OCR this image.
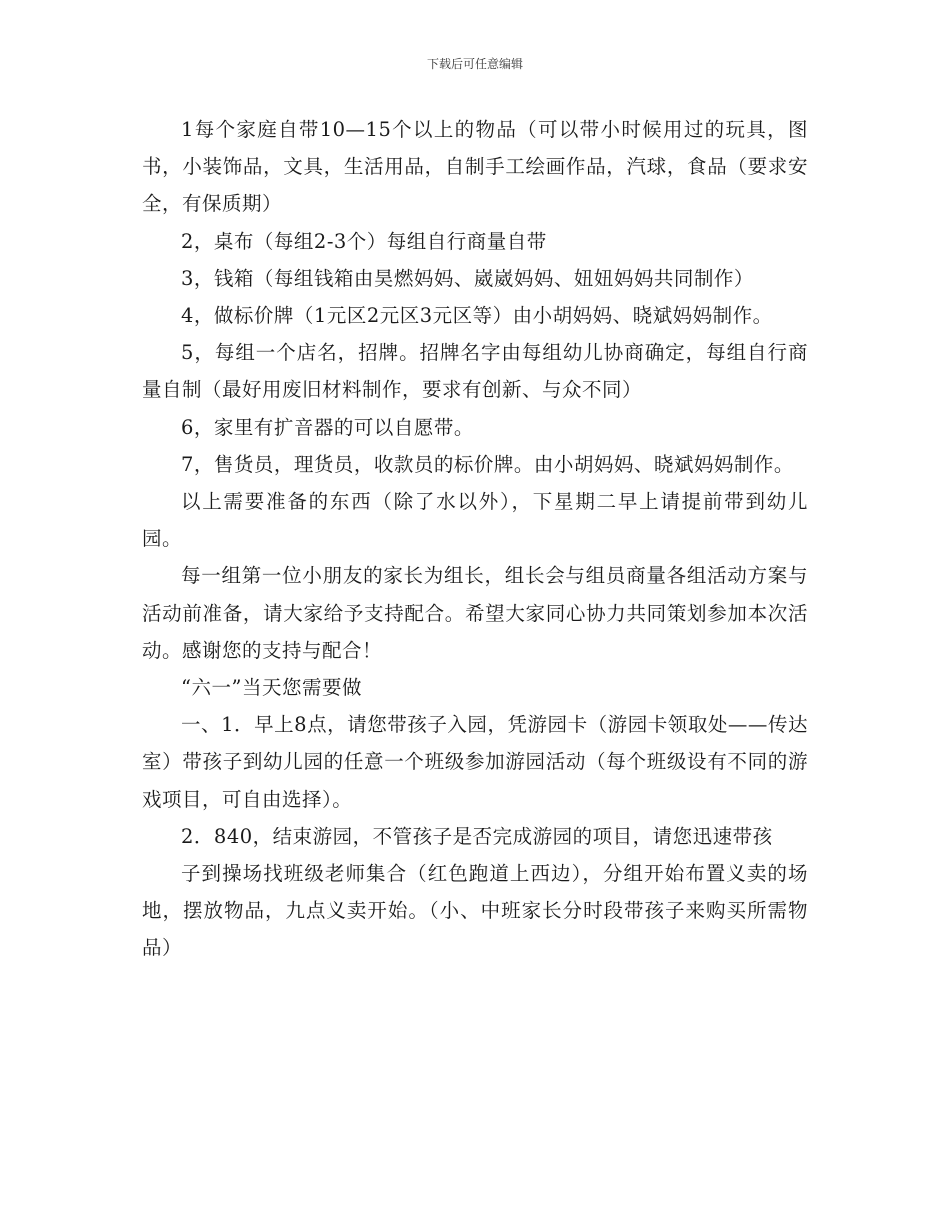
下载后可任意编辑

1每个家庭自带10—15个以上的物品（可以带小时候用过的玩具，图书，小装饰品，文具，生活用品，自制手工绘画作品，汽球，食品（要求安全，有保质期）

2，桌布（每组2-3个）每组自行商量自带

3，钱箱（每组钱箱由昊燃妈妈、崴崴妈妈、妞妞妈妈共同制作）

4，做标价牌（1元区2元区3元区等）由小胡妈妈、晓斌妈妈制作。

5，每组一个店名，招牌。招牌名字由每组幼儿协商确定，每组自行商量自制（最好用废旧材料制作，要求有创新、与众不同）

6，家里有扩音器的可以自愿带。

7，售货员，理货员，收款员的标价牌。由小胡妈妈、晓斌妈妈制作。

以上需要准备的东西（除了水以外），下星期二早上请提前带到幼儿园。

每一组第一位小朋友的家长为组长，组长会与组员商量各组活动方案与活动前准备，请大家给予支持配合。希望大家同心协力共同策划参加本次活动。感谢您的支持与配合！

“六一”当天您需要做

一、1．早上8点，请您带孩子入园，凭游园卡（游园卡领取处——传达室）带孩子到幼儿园的任意一个班级参加游园活动（每个班级设有不同的游戏项目，可自由选择）。

2．840，结束游园，不管孩子是否完成游园的项目，请您迅速带孩

子到操场找班级老师集合（红色跑道上西边），分组开始布置义卖的场地，摆放物品，九点义卖开始。（小、中班家长分时段带孩子来购买所需物品）
